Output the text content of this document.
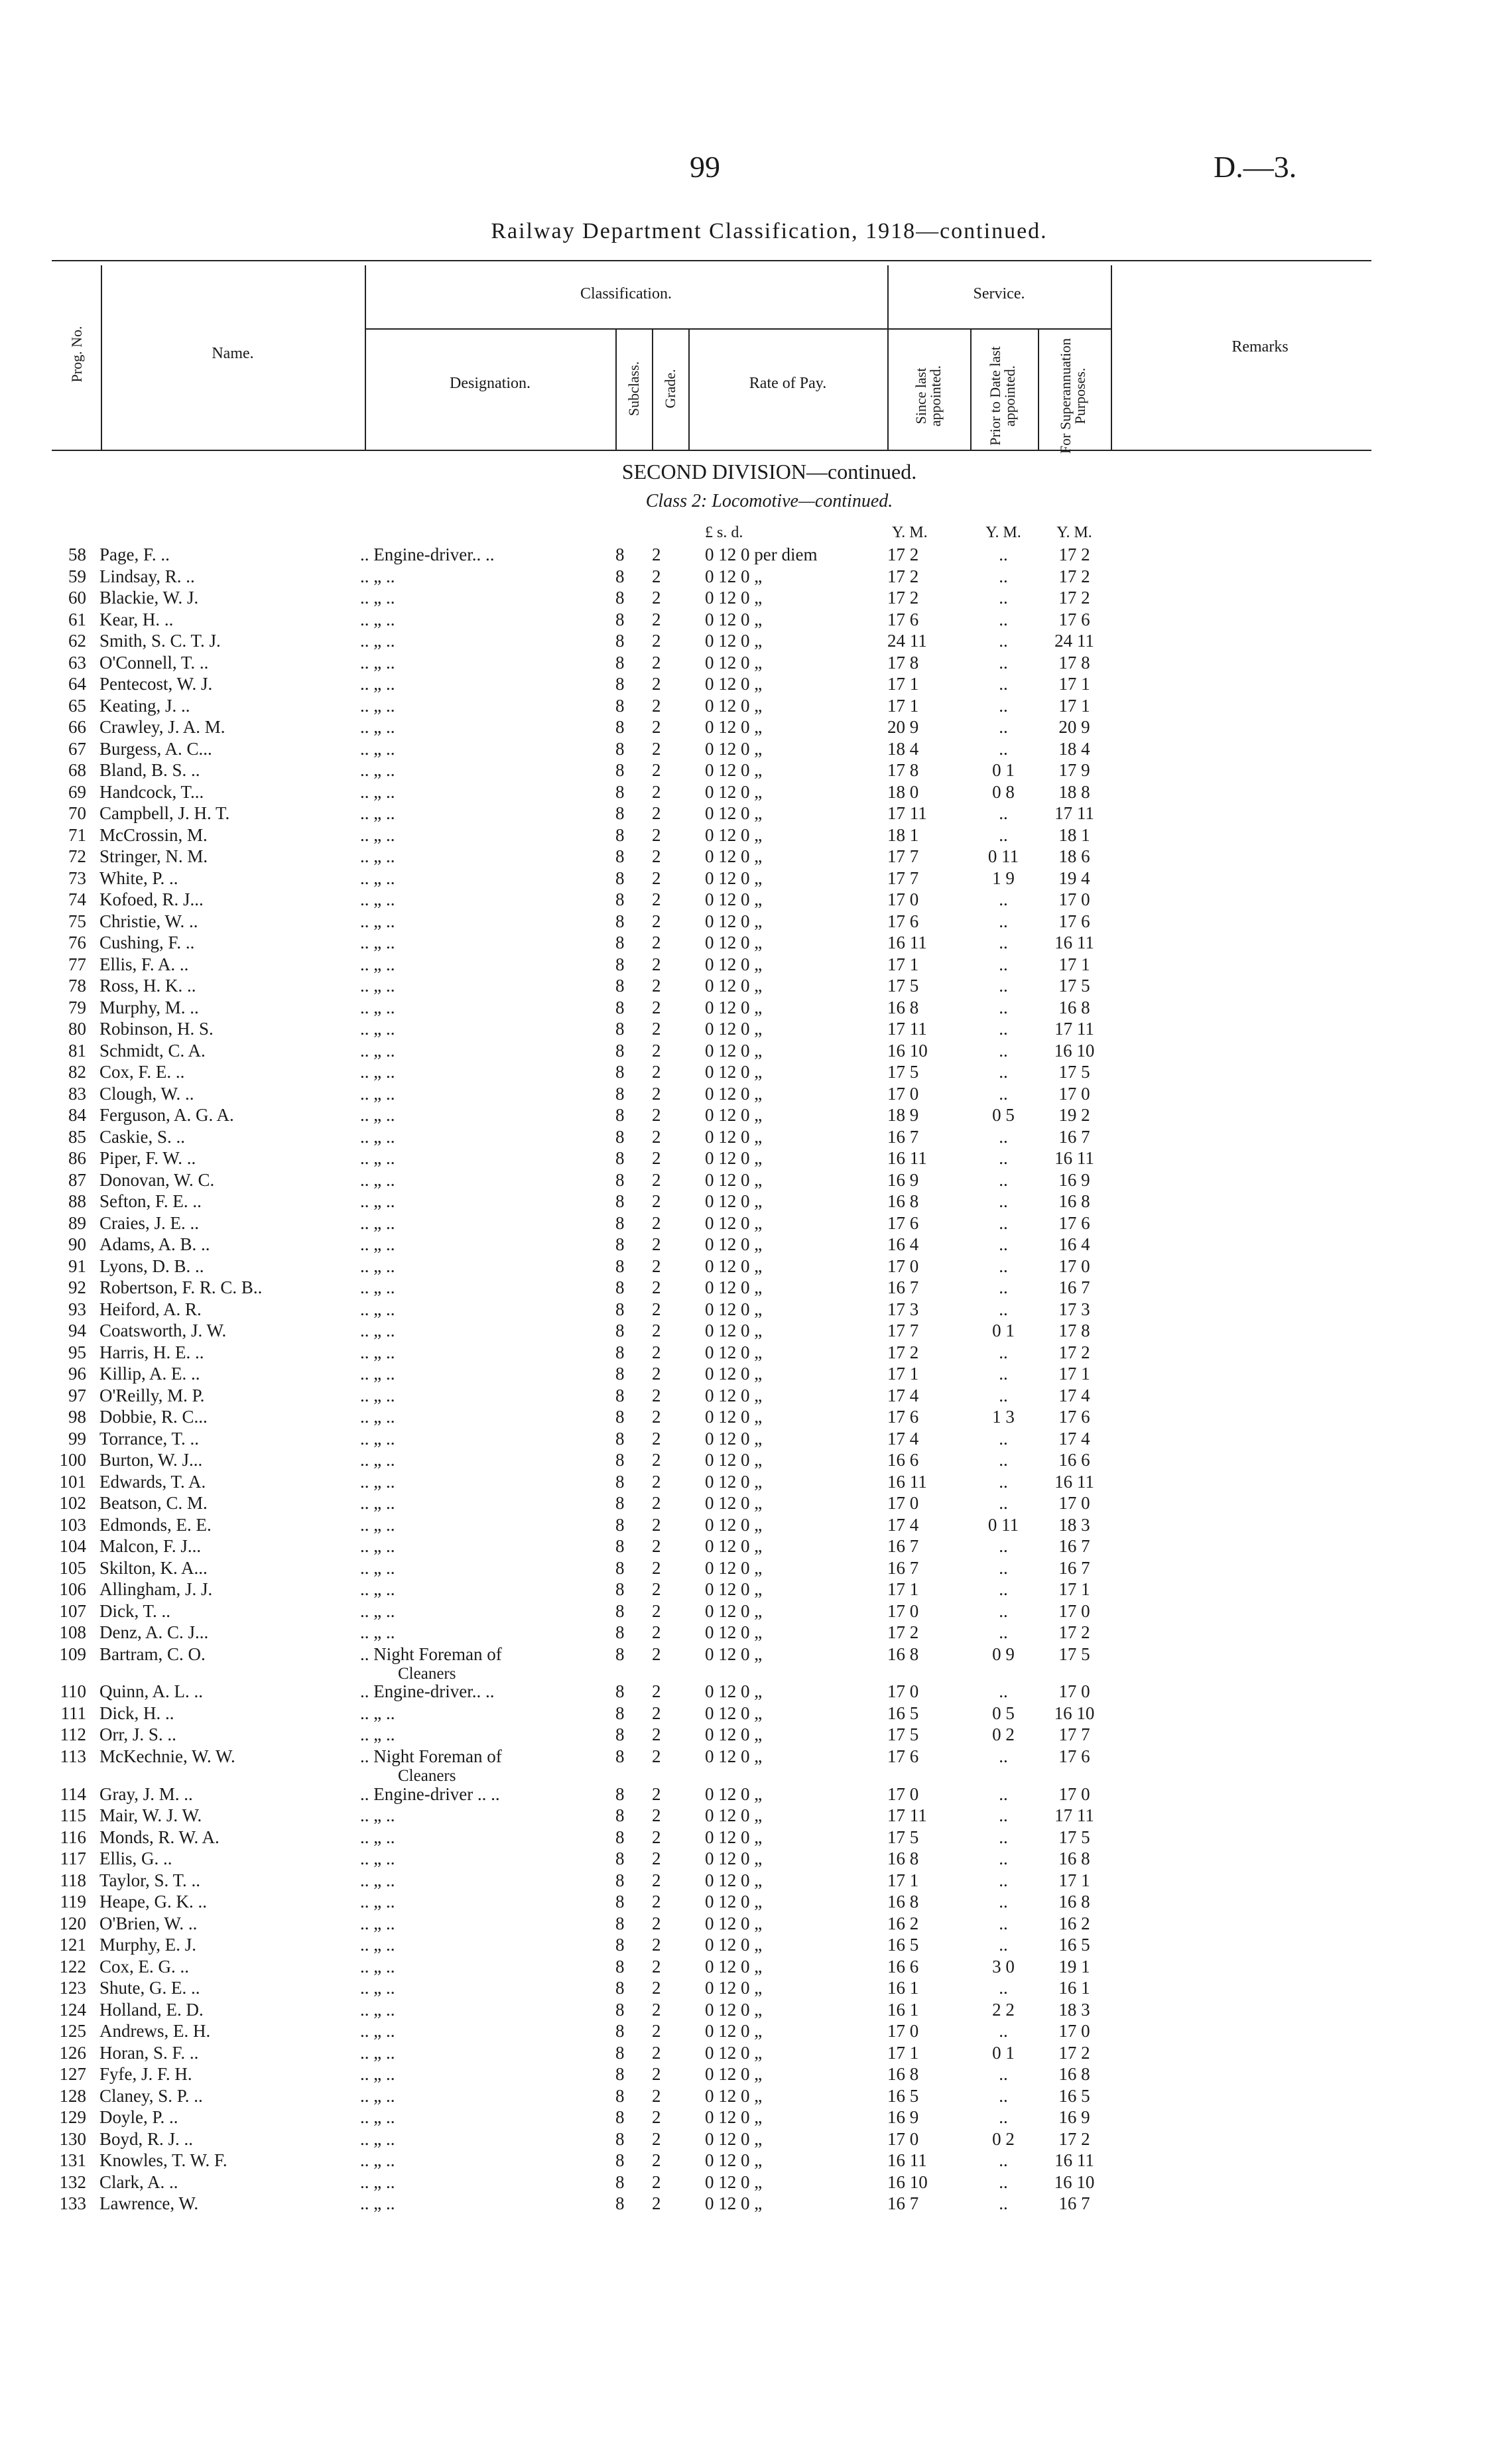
99	D.—3.
Railway Department Classification, 1918—continued.
Prog. No.	Name.
Classification.
Designation.	Subclass. Grade.	Rate of Pay.
Service.
Since last appointed.	Prior to Date last appointed.	For Superannuation Purposes.
Remarks
SECOND DIVISION—continued.
Class 2: Locomotive—continued.
£ s. d.	Y. M.	Y. M.	Y. M.
58 Page, F. ..	.. Engine-driver.. ..	8 2 0 12 0 per diem	17 2	..	17 2
59 Lindsay, R. ..	.. „ ..	8 2 0 12 0 „	17 2	..	17 2
60 Blackie, W. J.	.. „ ..	8 2 0 12 0 „	17 2	..	17 2
61 Kear, H. ..	.. „ ..	8 2 0 12 0 „	17 6	..	17 6
62 Smith, S. C. T. J.	.. „ ..	8 2 0 12 0 „	24 11	..	24 11
63 O'Connell, T. ..	.. „ ..	8 2 0 12 0 „	17 8	..	17 8
64 Pentecost, W. J.	.. „ ..	8 2 0 12 0 „	17 1	..	17 1
65 Keating, J. ..	.. „ ..	8 2 0 12 0 „	17 1	..	17 1
66 Crawley, J. A. M.	.. „ ..	8 2 0 12 0 „	20 9	..	20 9
67 Burgess, A. C...	.. „ ..	8 2 0 12 0 „	18 4	..	18 4
68 Bland, B. S. ..	.. „ ..	8 2 0 12 0 „	17 8	0 1	17 9
69 Handcock, T...	.. „ ..	8 2 0 12 0 „	18 0	0 8	18 8
70 Campbell, J. H. T.	.. „ ..	8 2 0 12 0 „	17 11	..	17 11
71 McCrossin, M.	.. „ ..	8 2 0 12 0 „	18 1	..	18 1
72 Stringer, N. M.	.. „ ..	8 2 0 12 0 „	17 7	0 11	18 6
73 White, P. ..	.. „ ..	8 2 0 12 0 „	17 7	1 9	19 4
74 Kofoed, R. J...	.. „ ..	8 2 0 12 0 „	17 0	..	17 0
75 Christie, W. ..	.. „ ..	8 2 0 12 0 „	17 6	..	17 6
76 Cushing, F. ..	.. „ ..	8 2 0 12 0 „	16 11	..	16 11
77 Ellis, F. A. ..	.. „ ..	8 2 0 12 0 „	17 1	..	17 1
78 Ross, H. K. ..	.. „ ..	8 2 0 12 0 „	17 5	..	17 5
79 Murphy, M. ..	.. „ ..	8 2 0 12 0 „	16 8	..	16 8
80 Robinson, H. S.	.. „ ..	8 2 0 12 0 „	17 11	..	17 11
81 Schmidt, C. A.	.. „ ..	8 2 0 12 0 „	16 10	..	16 10
82 Cox, F. E. ..	.. „ ..	8 2 0 12 0 „	17 5	..	17 5
83 Clough, W. ..	.. „ ..	8 2 0 12 0 „	17 0	..	17 0
84 Ferguson, A. G. A.	.. „ ..	8 2 0 12 0 „	18 9	0 5	19 2
85 Caskie, S. ..	.. „ ..	8 2 0 12 0 „	16 7	..	16 7
86 Piper, F. W. ..	.. „ ..	8 2 0 12 0 „	16 11	..	16 11
87 Donovan, W. C.	.. „ ..	8 2 0 12 0 „	16 9	..	16 9
88 Sefton, F. E. ..	.. „ ..	8 2 0 12 0 „	16 8	..	16 8
89 Craies, J. E. ..	.. „ ..	8 2 0 12 0 „	17 6	..	17 6
90 Adams, A. B. ..	.. „ ..	8 2 0 12 0 „	16 4	..	16 4
91 Lyons, D. B. ..	.. „ ..	8 2 0 12 0 „	17 0	..	17 0
92 Robertson, F. R. C. B..	.. „ ..	8 2 0 12 0 „	16 7	..	16 7
93 Heiford, A. R.	.. „ ..	8 2 0 12 0 „	17 3	..	17 3
94 Coatsworth, J. W.	.. „ ..	8 2 0 12 0 „	17 7	0 1	17 8
95 Harris, H. E. ..	.. „ ..	8 2 0 12 0 „	17 2	..	17 2
96 Killip, A. E. ..	.. „ ..	8 2 0 12 0 „	17 1	..	17 1
97 O'Reilly, M. P.	.. „ ..	8 2 0 12 0 „	17 4	..	17 4
98 Dobbie, R. C...	.. „ ..	8 2 0 12 0 „	17 6	1 3	17 6
99 Torrance, T. ..	.. „ ..	8 2 0 12 0 „	17 4	..	17 4
100 Burton, W. J...	.. „ ..	8 2 0 12 0 „	16 6	..	16 6
101 Edwards, T. A.	.. „ ..	8 2 0 12 0 „	16 11	..	16 11
102 Beatson, C. M.	.. „ ..	8 2 0 12 0 „	17 0	..	17 0
103 Edmonds, E. E.	.. „ ..	8 2 0 12 0 „	17 4	0 11	18 3
104 Malcon, F. J...	.. „ ..	8 2 0 12 0 „	16 7	..	16 7
105 Skilton, K. A...	.. „ ..	8 2 0 12 0 „	16 7	..	16 7
106 Allingham, J. J.	.. „ ..	8 2 0 12 0 „	17 1	..	17 1
107 Dick, T. ..	.. „ ..	8 2 0 12 0 „	17 0	..	17 0
108 Denz, A. C. J...	.. „ ..	8 2 0 12 0 „	17 2	..	17 2
109 Bartram, C. O.	.. Night Foreman of	8 2 0 12 0 „	16 8	0 9	17 5
Cleaners
110 Quinn, A. L. ..	.. Engine-driver.. ..	8 2 0 12 0 „	17 0	..	17 0
111 Dick, H. ..	.. „ ..	8 2 0 12 0 „	16 5	0 5	16 10
112 Orr, J. S. ..	.. „ ..	8 2 0 12 0 „	17 5	0 2	17 7
113 McKechnie, W. W.	.. Night Foreman of	8 2 0 12 0 „	17 6	..	17 6
Cleaners
114 Gray, J. M. ..	.. Engine-driver .. ..	8 2 0 12 0 „	17 0	..	17 0
115 Mair, W. J. W.	.. „ ..	8 2 0 12 0 „	17 11	..	17 11
116 Monds, R. W. A.	.. „ ..	8 2 0 12 0 „	17 5	..	17 5
117 Ellis, G. ..	.. „ ..	8 2 0 12 0 „	16 8	..	16 8
118 Taylor, S. T. ..	.. „ ..	8 2 0 12 0 „	17 1	..	17 1
119 Heape, G. K. ..	.. „ ..	8 2 0 12 0 „	16 8	..	16 8
120 O'Brien, W. ..	.. „ ..	8 2 0 12 0 „	16 2	..	16 2
121 Murphy, E. J.	.. „ ..	8 2 0 12 0 „	16 5	..	16 5
122 Cox, E. G. ..	.. „ ..	8 2 0 12 0 „	16 6	3 0	19 1
123 Shute, G. E. ..	.. „ ..	8 2 0 12 0 „	16 1	..	16 1
124 Holland, E. D.	.. „ ..	8 2 0 12 0 „	16 1	2 2	18 3
125 Andrews, E. H.	.. „ ..	8 2 0 12 0 „	17 0	..	17 0
126 Horan, S. F. ..	.. „ ..	8 2 0 12 0 „	17 1	0 1	17 2
127 Fyfe, J. F. H.	.. „ ..	8 2 0 12 0 „	16 8	..	16 8
128 Claney, S. P. ..	.. „ ..	8 2 0 12 0 „	16 5	..	16 5
129 Doyle, P. ..	.. „ ..	8 2 0 12 0 „	16 9	..	16 9
130 Boyd, R. J. ..	.. „ ..	8 2 0 12 0 „	17 0	0 2	17 2
131 Knowles, T. W. F.	.. „ ..	8 2 0 12 0 „	16 11	..	16 11
132 Clark, A. ..	.. „ ..	8 2 0 12 0 „	16 10	..	16 10
133 Lawrence, W.	.. „ ..	8 2 0 12 0 „	16 7	..	16 7
